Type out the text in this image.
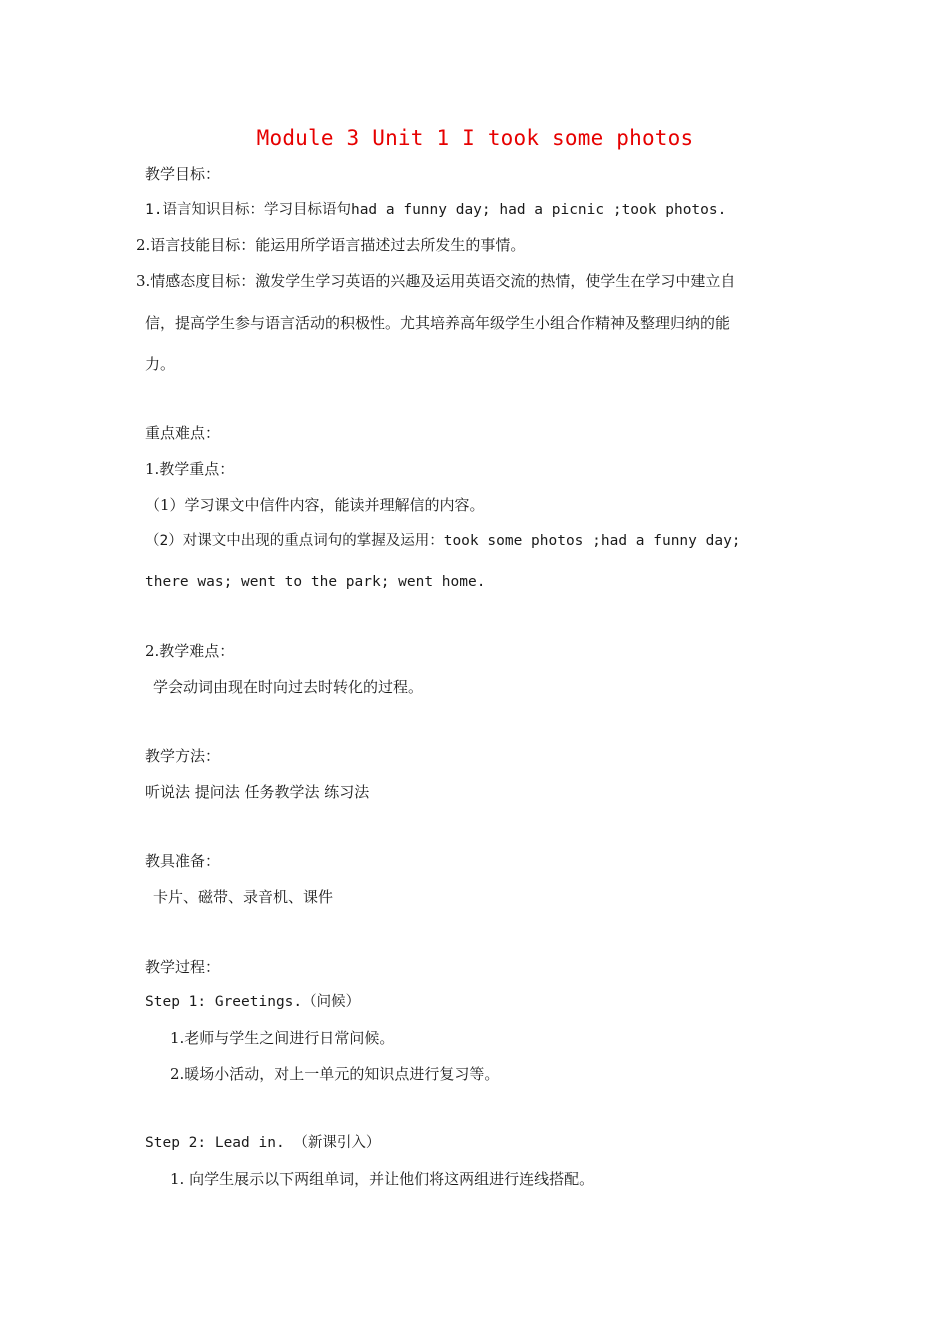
Module 3 Unit 1 I took some photos
教学目标：
1.语言知识目标：学习目标语句had a funny day; had a picnic ;took photos.
2.语言技能目标：能运用所学语言描述过去所发生的事情。
3.情感态度目标：激发学生学习英语的兴趣及运用英语交流的热情，使学生在学习中建立自
信，提高学生参与语言活动的积极性。尤其培养高年级学生小组合作精神及整理归纳的能
力。
重点难点：
1.教学重点：
（1）学习课文中信件内容，能读并理解信的内容。
（2）对课文中出现的重点词句的掌握及运用：took some photos ;had a funny day;
there was; went to the park; went home.
2.教学难点：
学会动词由现在时向过去时转化的过程。
教学方法：
听说法 提问法 任务教学法 练习法
教具准备：
卡片、磁带、录音机、课件
教学过程：
Step 1: Greetings.（问候）
1.老师与学生之间进行日常问候。
2.暖场小活动，对上一单元的知识点进行复习等。
Step 2: Lead in. （新课引入）
1. 向学生展示以下两组单词，并让他们将这两组进行连线搭配。
